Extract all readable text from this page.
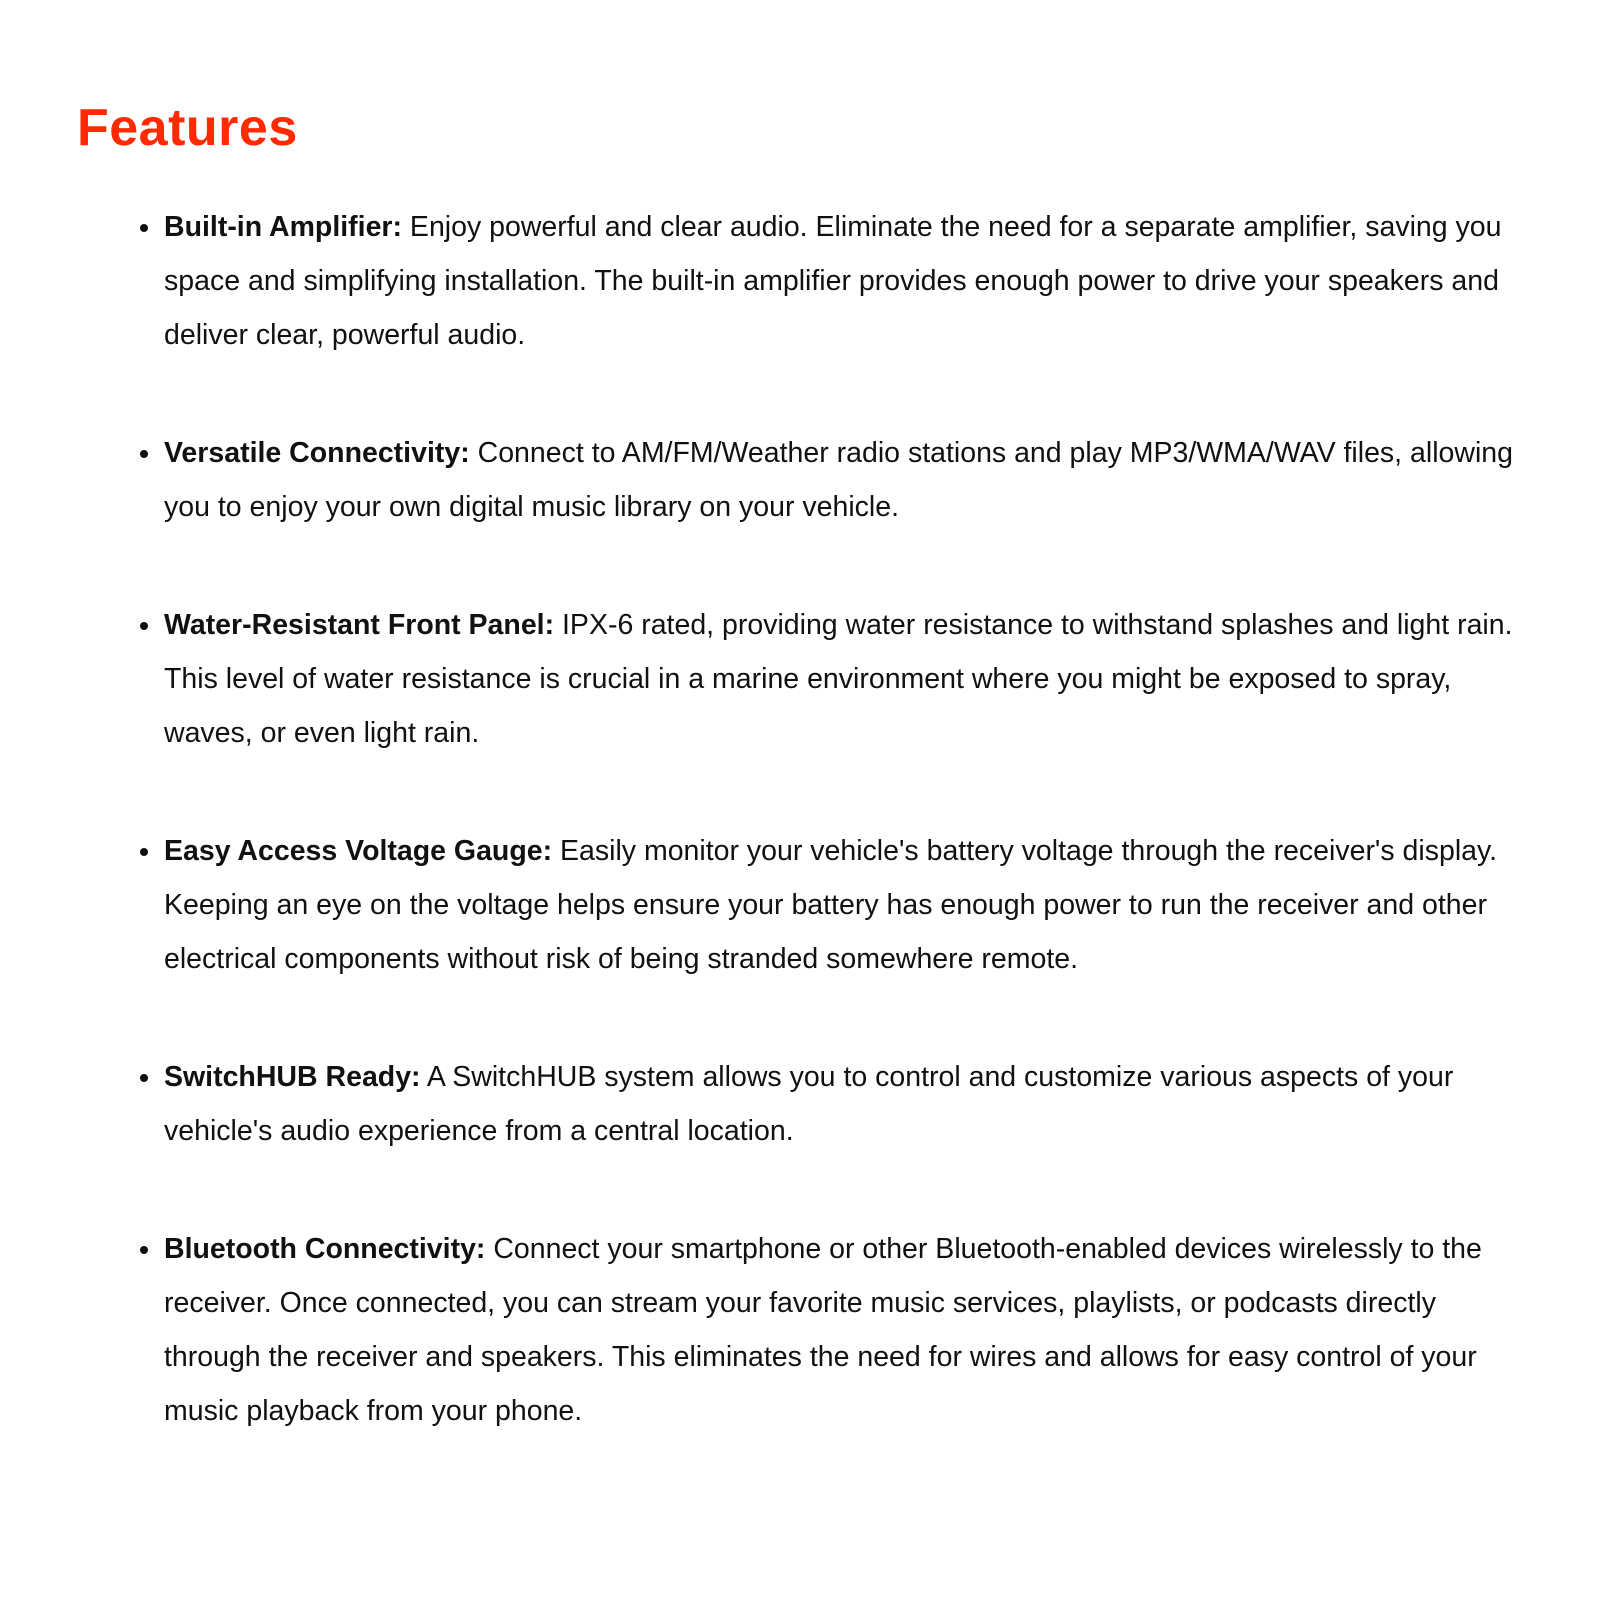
Features
Built-in Amplifier: Enjoy powerful and clear audio. Eliminate the need for a separate amplifier, saving you space and simplifying installation. The built-in amplifier provides enough power to drive your speakers and deliver clear, powerful audio.
Versatile Connectivity: Connect to AM/FM/Weather radio stations and play MP3/WMA/WAV files, allowing you to enjoy your own digital music library on your vehicle.
Water-Resistant Front Panel: IPX-6 rated, providing water resistance to withstand splashes and light rain. This level of water resistance is crucial in a marine environment where you might be exposed to spray, waves, or even light rain.
Easy Access Voltage Gauge: Easily monitor your vehicle's battery voltage through the receiver's display. Keeping an eye on the voltage helps ensure your battery has enough power to run the receiver and other electrical components without risk of being stranded somewhere remote.
SwitchHUB Ready: A SwitchHUB system allows you to control and customize various aspects of your vehicle's audio experience from a central location.
Bluetooth Connectivity: Connect your smartphone or other Bluetooth-enabled devices wirelessly to the receiver. Once connected, you can stream your favorite music services, playlists, or podcasts directly through the receiver and speakers. This eliminates the need for wires and allows for easy control of your music playback from your phone.
